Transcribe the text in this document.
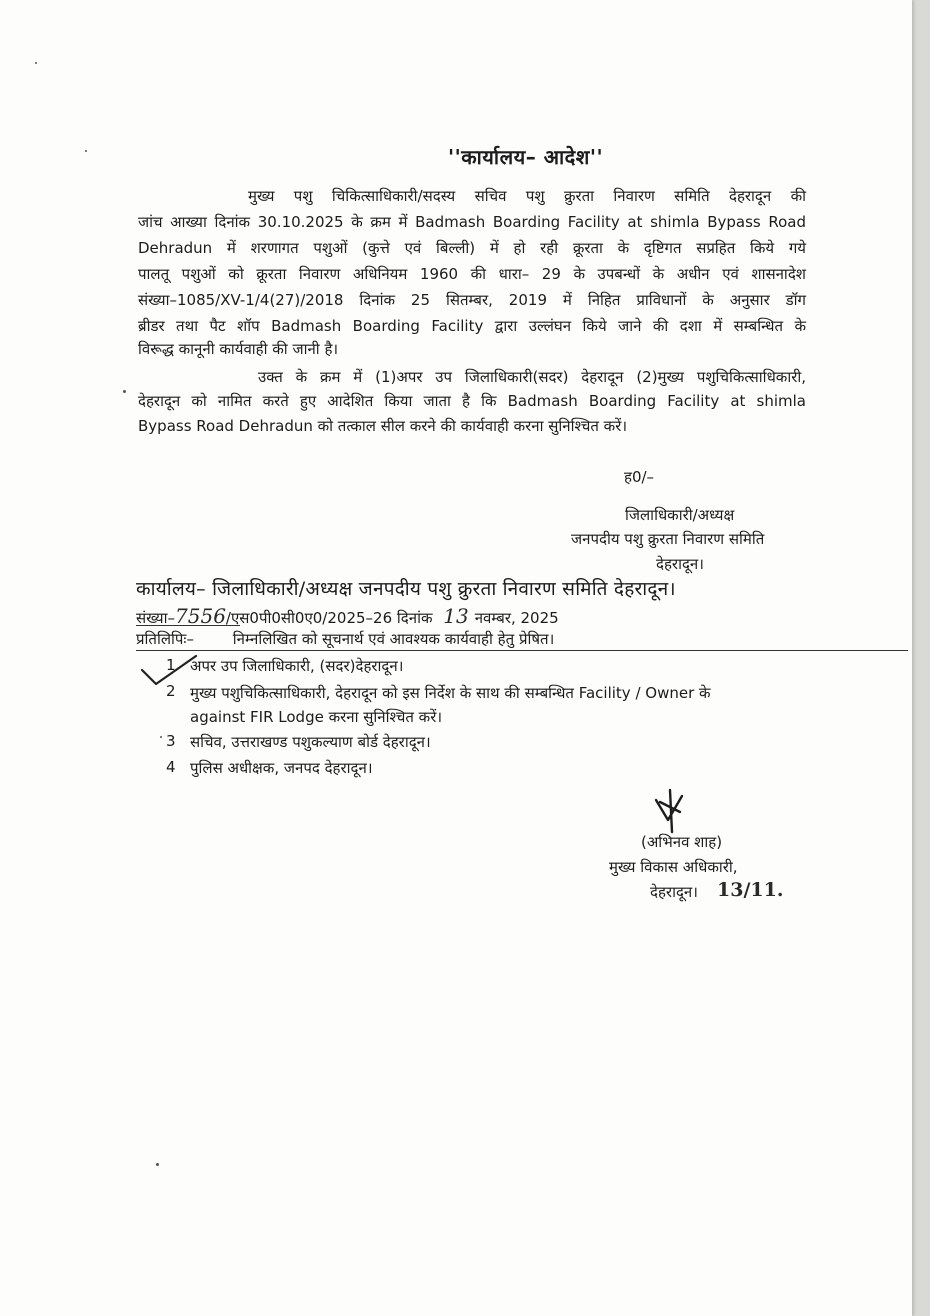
''कार्यालय– आदेश''
मुख्य पशु चिकित्साधिकारी/सदस्य सचिव पशु क्रुरता निवारण समिति देहरादून की
जांच आख्या दिनांक 30.10.2025 के क्रम में Badmash Boarding Facility at shimla Bypass Road
Dehradun में शरणागत पशुओं (कुत्ते एवं बिल्ली) में हो रही क्रूरता के दृष्टिगत सप्रहित किये गये
पालतू पशुओं को क्रूरता निवारण अधिनियम 1960 की धारा– 29 के उपबन्धों के अधीन एवं शासनादेश
संख्या–1085/XV-1/4(27)/2018 दिनांक 25 सितम्बर, 2019 में निहित प्राविधानों के अनुसार डॉग
ब्रीडर तथा पैट शॉप Badmash Boarding Facility द्वारा उल्लंघन किये जाने की दशा में सम्बन्धित के
विरूद्ध कानूनी कार्यवाही की जानी है।
उक्त के क्रम में (1)अपर उप जिलाधिकारी(सदर) देहरादून (2)मुख्य पशुचिकित्साधिकारी,
देहरादून को नामित करते हुए आदेशित किया जाता है कि Badmash Boarding Facility at shimla
Bypass Road Dehradun को तत्काल सील करने की कार्यवाही करना सुनिश्चित करें।
ह0/–
जिलाधिकारी/अध्यक्ष
जनपदीय पशु क्रुरता निवारण समिति
देहरादून।
कार्यालय– जिलाधिकारी/अध्यक्ष जनपदीय पशु क्रुरता निवारण समिति देहरादून।
संख्या–7556/एस0पी0सी0ए0/2025–26 दिनांक 13 नवम्बर, 2025
प्रतिलिपिः–	निम्नलिखित को सूचनार्थ एवं आवश्यक कार्यवाही हेतु प्रेषित।
1 अपर उप जिलाधिकारी, (सदर)देहरादून।
2 मुख्य पशुचिकित्साधिकारी, देहरादून को इस निर्देश के साथ की सम्बन्धित Facility / Owner के
against FIR Lodge करना सुनिश्चित करें।
3 सचिव, उत्तराखण्ड पशुकल्याण बोर्ड देहरादून।
4 पुलिस अधीक्षक, जनपद देहरादून।
(अभिनव शाह)
मुख्य विकास अधिकारी,
देहरादून। 13/11.
